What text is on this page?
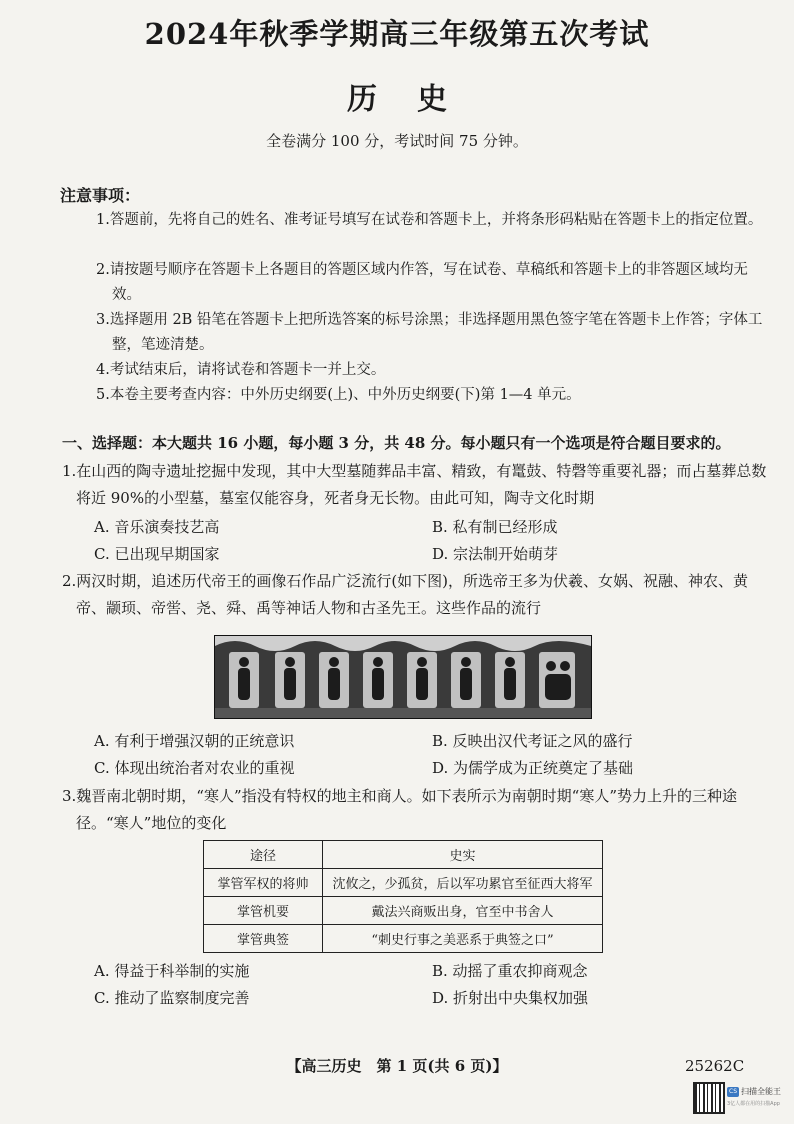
2024年秋季学期高三年级第五次考试
历史
全卷满分 100 分，考试时间 75 分钟。
注意事项：
1.答题前，先将自己的姓名、准考证号填写在试卷和答题卡上，并将条形码粘贴在答题卡上的指定位置。
2.请按题号顺序在答题卡上各题目的答题区域内作答，写在试卷、草稿纸和答题卡上的非答题区域均无效。
3.选择题用 2B 铅笔在答题卡上把所选答案的标号涂黑；非选择题用黑色签字笔在答题卡上作答；字体工整，笔迹清楚。
4.考试结束后，请将试卷和答题卡一并上交。
5.本卷主要考查内容：中外历史纲要(上)、中外历史纲要(下)第 1—4 单元。
一、选择题：本大题共 16 小题，每小题 3 分，共 48 分。每小题只有一个选项是符合题目要求的。
1.在山西的陶寺遗址挖掘中发现，其中大型墓随葬品丰富、精致，有鼍鼓、特磬等重要礼器；而占墓葬总数将近 90%的小型墓，墓室仅能容身，死者身无长物。由此可知，陶寺文化时期
A. 音乐演奏技艺高	B. 私有制已经形成
C. 已出现早期国家	D. 宗法制开始萌芽
2.两汉时期，追述历代帝王的画像石作品广泛流行(如下图)，所选帝王多为伏羲、女娲、祝融、神农、黄帝、颛顼、帝喾、尧、舜、禹等神话人物和古圣先王。这些作品的流行
A. 有利于增强汉朝的正统意识	B. 反映出汉代考证之风的盛行
C. 体现出统治者对农业的重视	D. 为儒学成为正统奠定了基础
3.魏晋南北朝时期，“寒人”指没有特权的地主和商人。如下表所示为南朝时期“寒人”势力上升的三种途径。“寒人”地位的变化
途径	史实
掌管军权的将帅	沈攸之，少孤贫，后以军功累官至征西大将军
掌管机要	戴法兴商贩出身，官至中书舍人
掌管典签	“刺史行事之美恶系于典签之口”
A. 得益于科举制的实施	B. 动摇了重农抑商观念
C. 推动了监察制度完善	D. 折射出中央集权加强
【高三历史　第 1 页(共 6 页)】	25262C
CS 扫描全能王
3亿人都在用的扫描App
